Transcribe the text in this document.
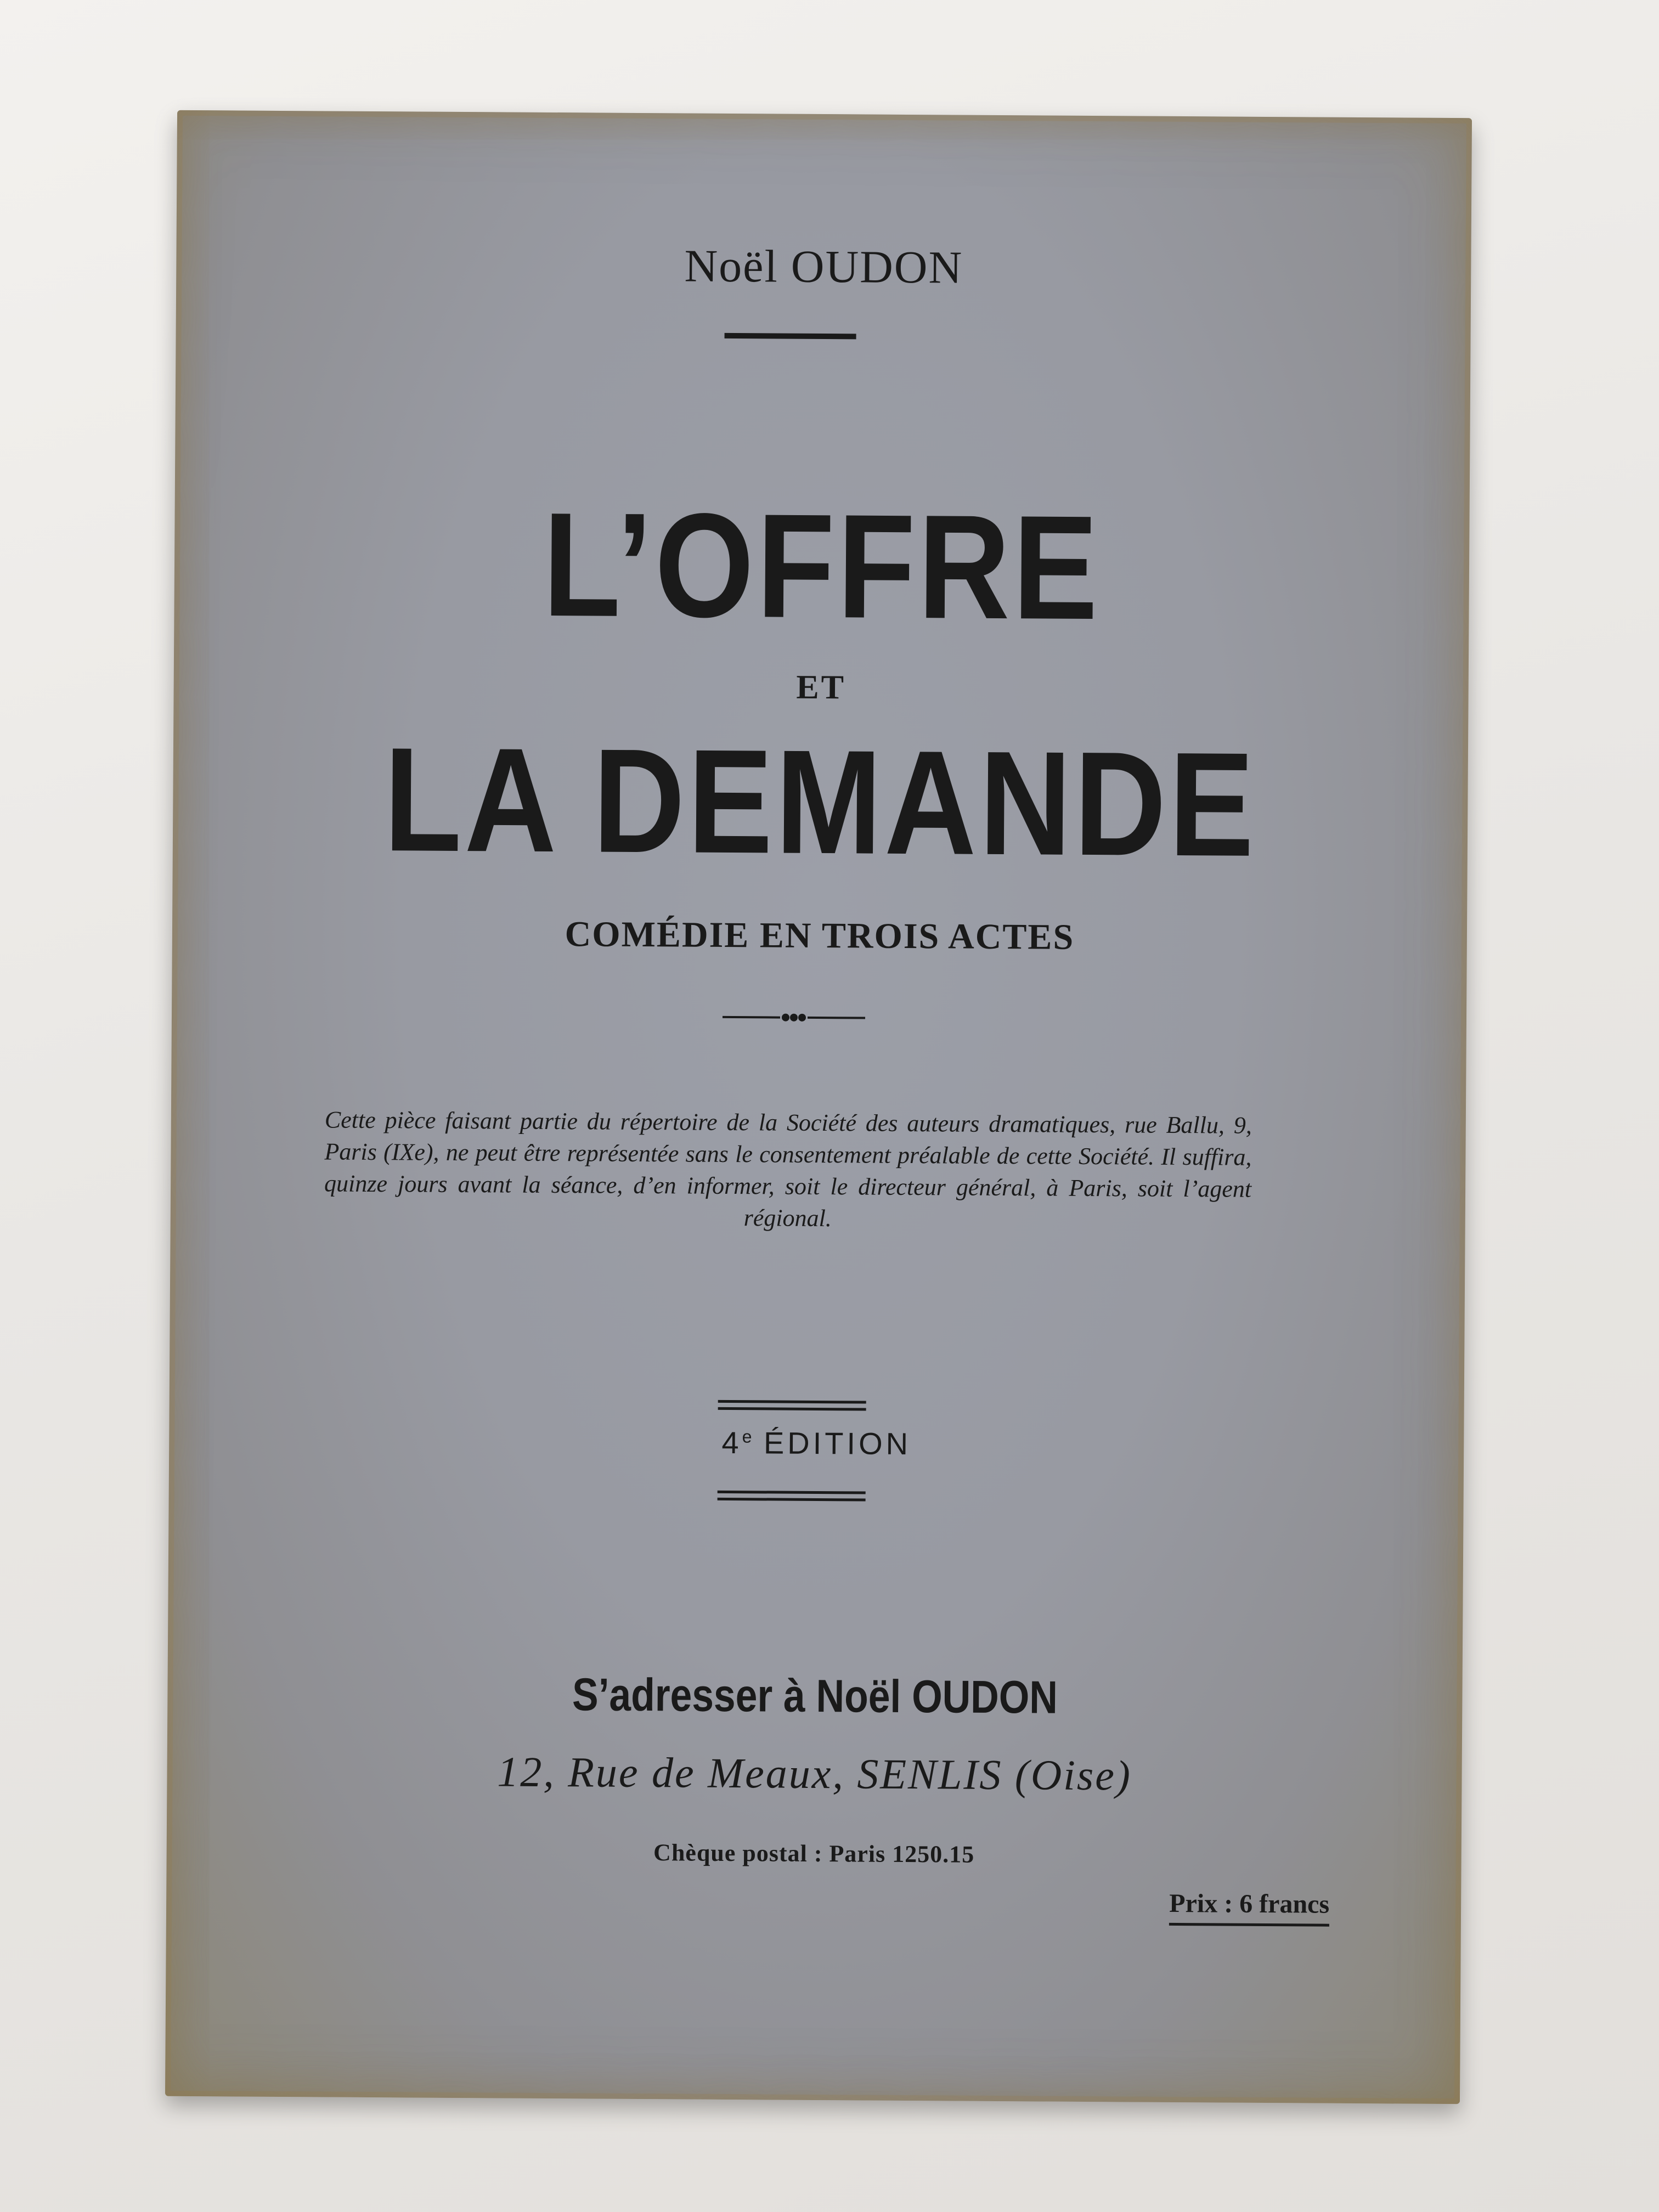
Noël OUDON
L’OFFRE
ET
LA DEMANDE
COMÉDIE EN TROIS ACTES
Cette pièce faisant partie du répertoire de la Société des auteurs dramatiques, rue Ballu, 9, Paris (IXe), ne peut être représentée sans le consentement préalable de cette Société. Il suffira, quinze jours avant la séance, d’en informer, soit le directeur général, à Paris, soit l’agent régional.
4e ÉDITION
S’adresser à Noël OUDON
12, Rue de Meaux, SENLIS (Oise)
Chèque postal : Paris 1250.15
Prix : 6 francs
